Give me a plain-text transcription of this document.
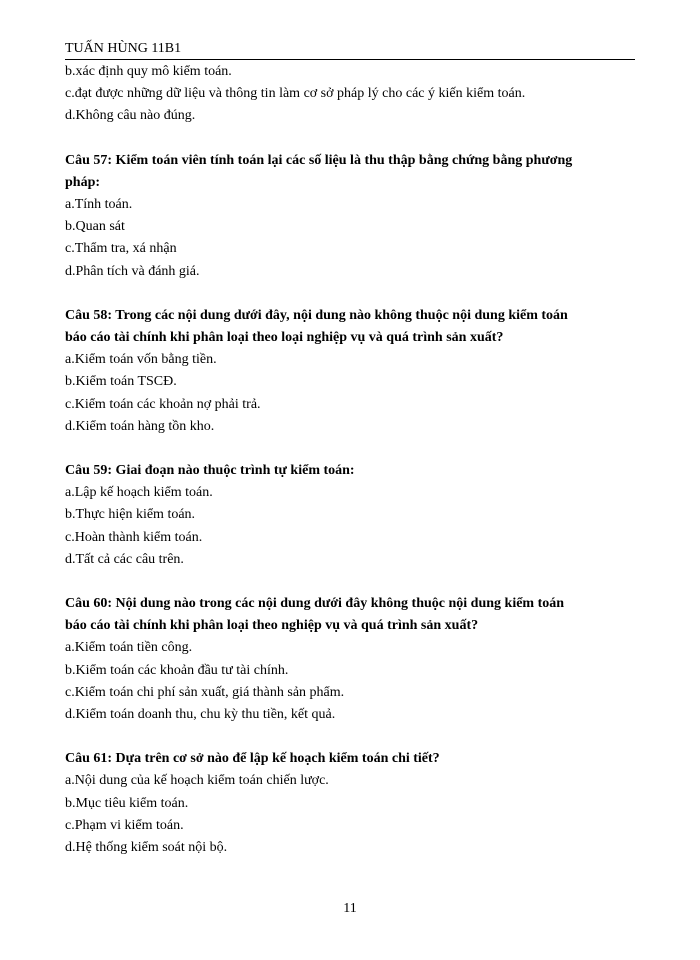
TUẤN HÙNG 11B1
b.xác định quy mô kiểm toán.
c.đạt được những dữ liệu và thông tin làm cơ sở pháp lý cho các ý kiến kiểm toán.
d.Không câu nào đúng.
Câu 57: Kiểm toán viên tính toán lại các số liệu là thu thập bằng chứng bằng phương
pháp:
a.Tính toán.
b.Quan sát
c.Thẩm tra, xá nhận
d.Phân tích và đánh giá.
Câu 58: Trong các nội dung dưới đây, nội dung nào không thuộc nội dung kiểm toán
báo cáo tài chính khi phân loại theo loại nghiệp vụ và quá trình sản xuất?
a.Kiểm toán vốn bằng tiền.
b.Kiểm toán TSCĐ.
c.Kiểm toán các khoản nợ phải trả.
d.Kiểm toán hàng tồn kho.
Câu 59: Giai đoạn nào thuộc trình tự kiểm toán:
a.Lập kế hoạch kiểm toán.
b.Thực hiện kiểm toán.
c.Hoàn thành kiểm toán.
d.Tất cả các câu trên.
Câu 60: Nội dung nào trong các nội dung dưới đây không thuộc nội dung kiểm toán
báo cáo tài chính khi phân loại theo nghiệp vụ và quá trình sản xuất?
a.Kiểm toán tiền công.
b.Kiểm toán các khoản đầu tư tài chính.
c.Kiểm toán chi phí sản xuất, giá thành sản phẩm.
d.Kiểm toán doanh thu, chu kỳ thu tiền, kết quả.
Câu 61: Dựa trên cơ sở nào để lập kế hoạch kiểm toán chi tiết?
a.Nội dung của kế hoạch kiểm toán chiến lược.
b.Mục tiêu kiểm toán.
c.Phạm vi kiểm toán.
d.Hệ thống kiểm soát nội bộ.
11
